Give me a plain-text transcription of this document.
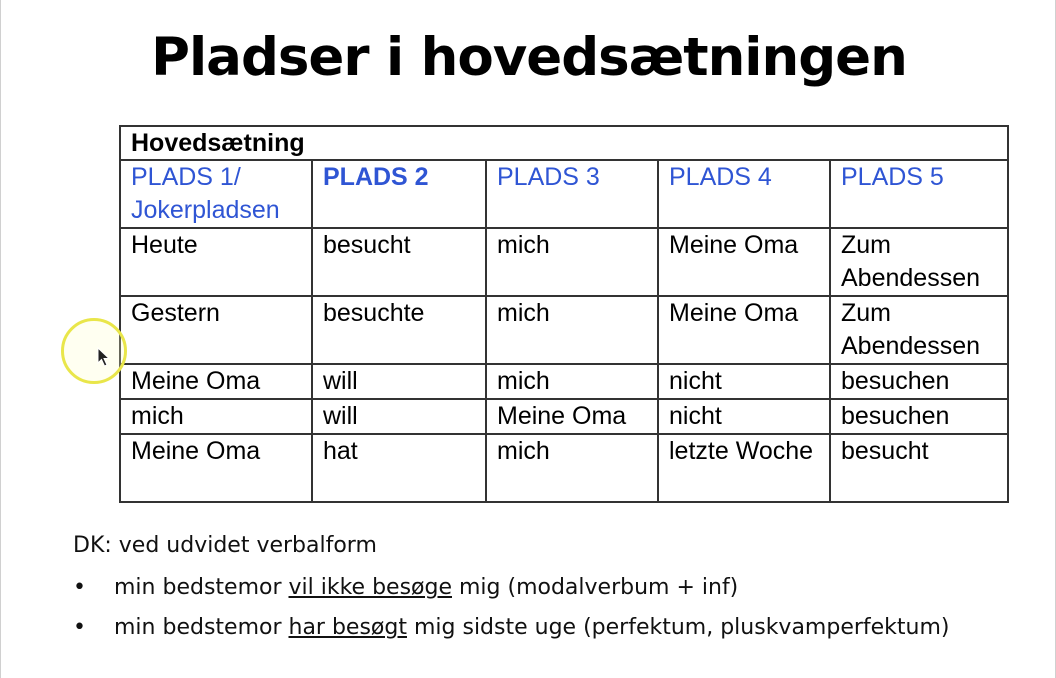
Pladser i hovedsætningen
Hovedsætning				
PLADS 1/ Jokerpladsen	PLADS 2	PLADS 3	PLADS 4	PLADS 5
Heute	besucht	mich	Meine Oma	Zum Abendessen
Gestern	besuchte	mich	Meine Oma	Zum Abendessen
Meine Oma	will	mich	nicht	besuchen
mich	will	Meine Oma	nicht	besuchen
Meine Oma	hat	mich	letzte Woche	besucht
DK: ved udvidet verbalform
• min bedstemor vil ikke besøge mig (modalverbum + inf)
• min bedstemor har besøgt mig sidste uge (perfektum, pluskvamperfektum)
